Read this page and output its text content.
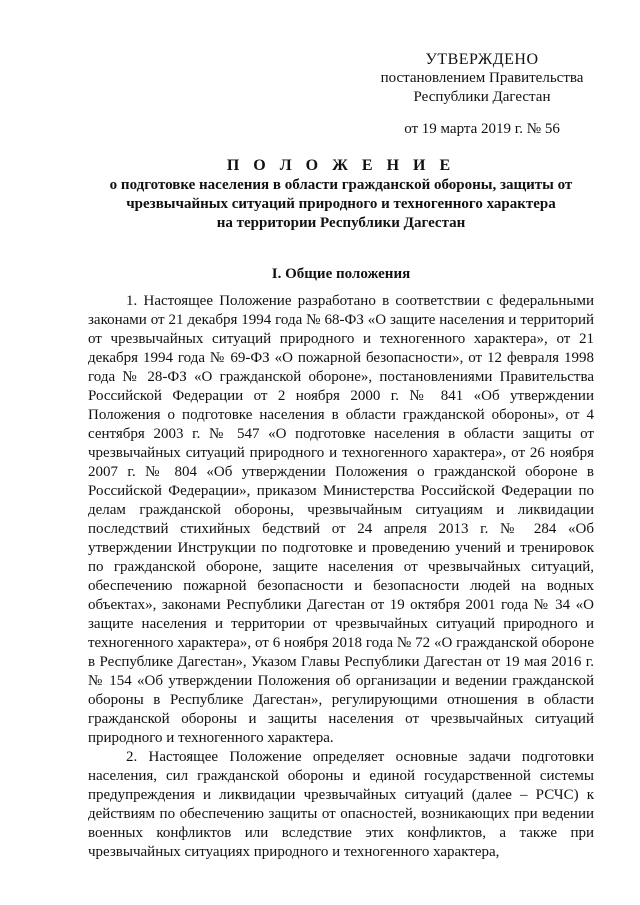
УТВЕРЖДЕНО
постановлением Правительства
Республики Дагестан
от 19 марта 2019 г. № 56
П О Л О Ж Е Н И Е
о подготовке населения в области гражданской обороны, защиты от
чрезвычайных ситуаций природного и техногенного характера
на территории Республики Дагестан
I. Общие положения

1. Настоящее Положение разработано в соответствии с федеральными законами от 21 декабря 1994 года № 68-ФЗ «О защите населения и территорий от чрезвычайных ситуаций природного и техногенного характера», от 21 декабря 1994 года № 69-ФЗ «О пожарной безопасности», от 12 февраля 1998 года № 28-ФЗ «О гражданской обороне», постановлениями Правительства Российской Федерации от 2 ноября 2000 г. № 841 «Об утверждении Положения о подготовке населения в области гражданской обороны», от 4 сентября 2003 г. № 547 «О подготовке населения в области защиты от чрезвычайных ситуаций природного и техногенного характера», от 26 ноября 2007 г. № 804 «Об утверждении Положения о гражданской обороне в Российской Федерации», приказом Министерства Российской Федерации по делам гражданской обороны, чрезвычайным ситуациям и ликвидации последствий стихийных бедствий от 24 апреля 2013 г. № 284 «Об утверждении Инструкции по подготовке и проведению учений и тренировок по гражданской обороне, защите населения от чрезвычайных ситуаций, обеспечению пожарной безопасности и безопасности людей на водных объектах», законами Республики Дагестан от 19 октября 2001 года № 34 «О защите населения и территории от чрезвычайных ситуаций природного и техногенного характера», от 6 ноября 2018 года № 72 «О гражданской обороне в Республике Дагестан», Указом Главы Республики Дагестан от 19 мая 2016 г. № 154 «Об утверждении Положения об организации и ведении гражданской обороны в Республике Дагестан», регулирующими отношения в области гражданской обороны и защиты населения от чрезвычайных ситуаций природного и техногенного характера.

2. Настоящее Положение определяет основные задачи подготовки населения, сил гражданской обороны и единой государственной системы предупреждения и ликвидации чрезвычайных ситуаций (далее – РСЧС) к действиям по обеспечению защиты от опасностей, возникающих при ведении военных конфликтов или вследствие этих конфликтов, а также при чрезвычайных ситуациях природного и техногенного характера,
